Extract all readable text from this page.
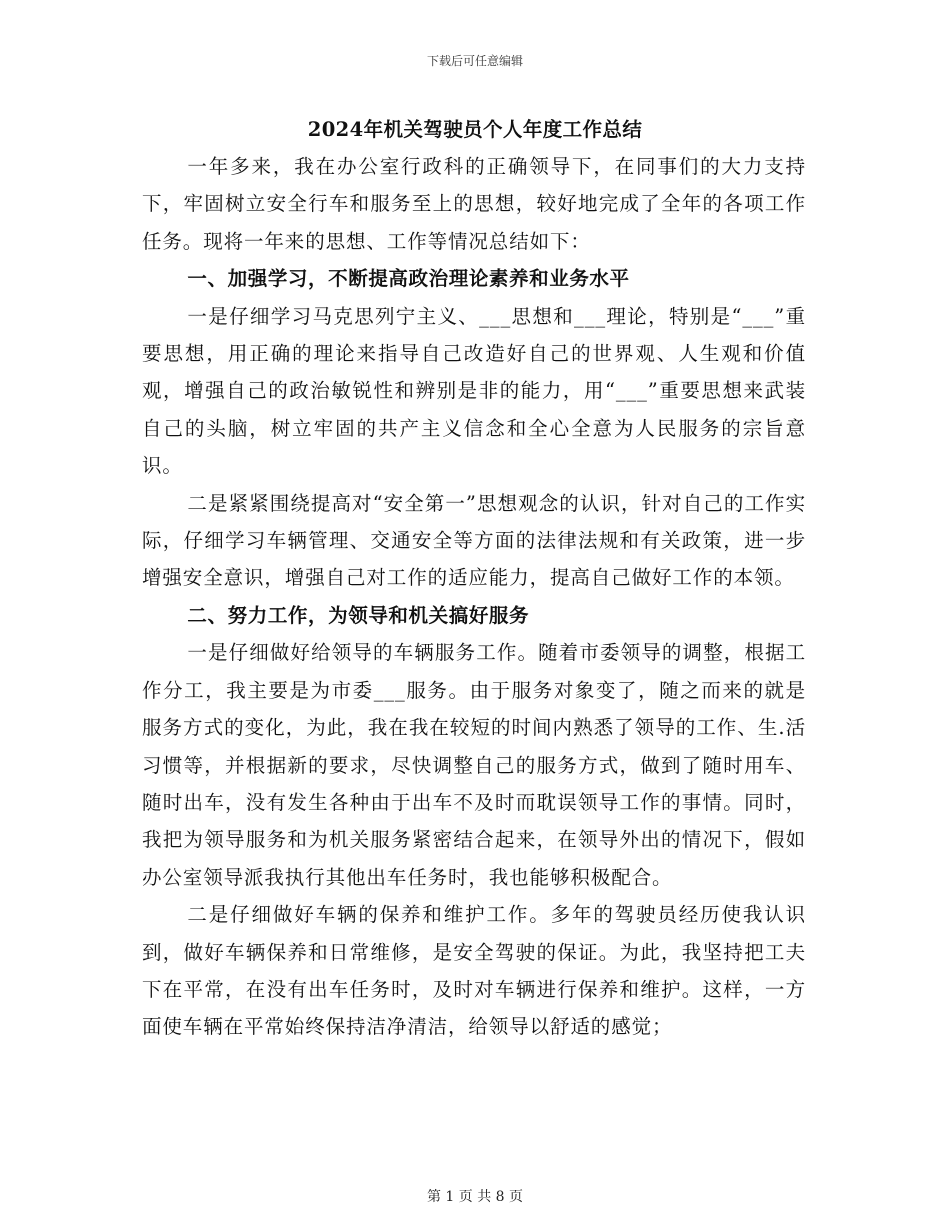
下载后可任意编辑
2024年机关驾驶员个人年度工作总结

一年多来，我在办公室行政科的正确领导下，在同事们的大力支持下，牢固树立安全行车和服务至上的思想，较好地完成了全年的各项工作任务。现将一年来的思想、工作等情况总结如下：

一、加强学习，不断提高政治理论素养和业务水平

一是仔细学习马克思列宁主义、___思想和___理论，特别是“___”重要思想，用正确的理论来指导自己改造好自己的世界观、人生观和价值观，增强自己的政治敏锐性和辨别是非的能力，用“___”重要思想来武装自己的头脑，树立牢固的共产主义信念和全心全意为人民服务的宗旨意识。

二是紧紧围绕提高对“安全第一”思想观念的认识，针对自己的工作实际，仔细学习车辆管理、交通安全等方面的法律法规和有关政策，进一步增强安全意识，增强自己对工作的适应能力，提高自己做好工作的本领。

二、努力工作，为领导和机关搞好服务

一是仔细做好给领导的车辆服务工作。随着市委领导的调整，根据工作分工，我主要是为市委___服务。由于服务对象变了，随之而来的就是服务方式的变化，为此，我在我在较短的时间内熟悉了领导的工作、生.活习惯等，并根据新的要求，尽快调整自己的服务方式，做到了随时用车、随时出车，没有发生各种由于出车不及时而耽误领导工作的事情。同时，我把为领导服务和为机关服务紧密结合起来，在领导外出的情况下，假如办公室领导派我执行其他出车任务时，我也能够积极配合。

二是仔细做好车辆的保养和维护工作。多年的驾驶员经历使我认识到，做好车辆保养和日常维修，是安全驾驶的保证。为此，我坚持把工夫下在平常，在没有出车任务时，及时对车辆进行保养和维护。这样，一方面使车辆在平常始终保持洁净清洁，给领导以舒适的感觉；

第 1 页 共 8 页
